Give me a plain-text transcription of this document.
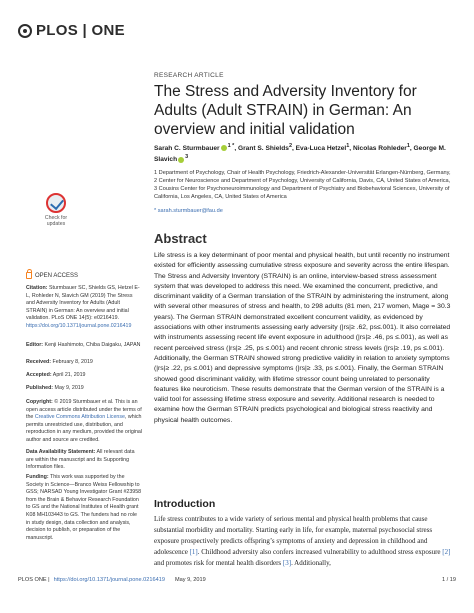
PLOS | ONE
RESEARCH ARTICLE
The Stress and Adversity Inventory for Adults (Adult STRAIN) in German: An overview and initial validation
Sarah C. Sturmbauer $^{1 *}$, Grant S. Shields$^2$, Eva-Luca Hetzel$^1$, Nicolas Rohleder$^1$, George M. Slavich $^3$

1 Department of Psychology, Chair of Health Psychology, Friedrich-Alexander-Universität Erlangen-Nürnberg, Germany, 2 Center for Neuroscience and Department of Psychology, University of California, Davis, CA, United States of America, 3 Cousins Center for Psychoneuroimmunology and Department of Psychiatry and Biobehavioral Sciences, University of California, Los Angeles, CA, United States of America

* sarah.sturmbauer@fau.de
Check for updates
OPEN ACCESS
Citation: Sturmbauer SC, Shields GS, Hetzel E-L, Rohleder N, Slavich GM (2019) The Stress and Adversity Inventory for Adults (Adult STRAIN) in German: An overview and initial validation. PLoS ONE 14(5): e0216419. https://doi.org/10.1371/journal.pone.0216419
Editor: Kenji Hashimoto, Chiba Daigaku, JAPAN
Received: February 8, 2019
Accepted: April 21, 2019
Published: May 9, 2019
Copyright: © 2019 Sturmbauer et al. This is an open access article distributed under the terms of the Creative Commons Attribution License, which permits unrestricted use, distribution, and reproduction in any medium, provided the original author and source are credited.
Data Availability Statement: All relevant data are within the manuscript and its Supporting Information files.
Funding: This work was supported by the Society in Science—Branco Weiss Fellowship to GSS; NARSAD Young Investigator Grant #23958 from the Brain & Behavior Research Foundation to GS and the National Institutes of Health grant K08 MH103443 to GS. The funders had no role in study design, data collection and analysis, decision to publish, or preparation of the manuscript.
Abstract

Life stress is a key determinant of poor mental and physical health, but until recently no instrument existed for efficiently assessing cumulative stress exposure and severity across the entire lifespan. The Stress and Adversity Inventory (STRAIN) is an online, interview-based stress assessment system that was developed to address this need. We examined the concurrent, predictive, and discriminant validity of a German translation of the STRAIN by administering the instrument, along with several other measures of stress and health, to 298 adults (81 men, 217 women, Mage = 30.3 years). The German STRAIN demonstrated excellent concurrent validity, as evidenced by associations with other instruments assessing early adversity (|rs|≥ .62, ps≤.001). It also correlated with instruments assessing recent life event exposure in adulthood (|rs|≥ .46, ps ≤.001), as well as recent perceived stress (|rs|≥ .25, ps ≤.001) and recent chronic stress levels (|rs|≥ .19, ps ≤.001). Additionally, the German STRAIN showed strong predictive validity in relation to anxiety symptoms (|rs|≥ .22, ps ≤.001) and depressive symptoms (|rs|≥ .33, ps ≤.001). Finally, the German STRAIN showed good discriminant validity, with lifetime stressor count being unrelated to personality features like neuroticism. These results demonstrate that the German version of the STRAIN is a valid tool for assessing lifetime stress exposure and severity. Additional research is needed to examine how the German STRAIN predicts psychological and biological stress reactivity and physical health outcomes.

Introduction

Life stress contributes to a wide variety of serious mental and physical health problems that cause substantial morbidity and mortality. Starting early in life, for example, maternal psychosocial stress exposure prospectively predicts offspring’s symptoms of anxiety and depression in childhood and adolescence [1]. Childhood adversity also confers increased vulnerability to adulthood stress exposure [2] and promotes risk for mental health disorders [3]. Additionally,

PLOS ONE | https://doi.org/10.1371/journal.pone.0216419 May 9, 2019	1 / 19
